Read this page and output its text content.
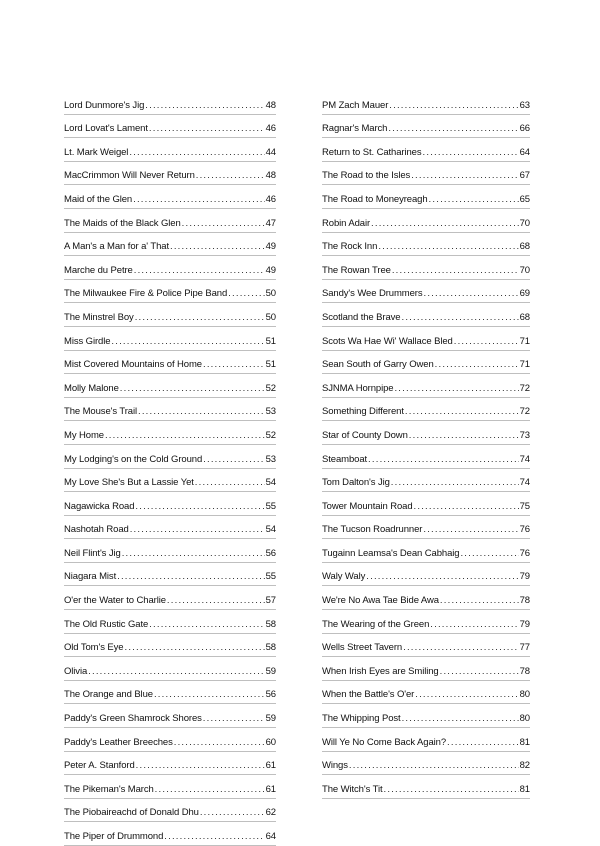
Lord Dunmore's Jig .....	48
Lord Lovat's Lament .....	46
Lt. Mark Weigel .....	44
MacCrimmon Will Never Return .....	48
Maid of the Glen .....	46
The Maids of the Black Glen .....	47
A Man's a Man for a' That .....	49
Marche du Petre .....	49
The Milwaukee Fire & Police Pipe Band .....	50
The Minstrel Boy .....	50
Miss Girdle .....	51
Mist Covered Mountains of Home .....	51
Molly Malone .....	52
The Mouse's Trail .....	53
My Home .....	52
My Lodging's on the Cold Ground .....	53
My Love She's But a Lassie Yet .....	54
Nagawicka Road .....	55
Nashotah Road .....	54
Neil Flint's Jig .....	56
Niagara Mist .....	55
O'er the Water to Charlie .....	57
The Old Rustic Gate .....	58
Old Tom's Eye .....	58
Olivia .....	59
The Orange and Blue .....	56
Paddy's Green Shamrock Shores .....	59
Paddy's Leather Breeches .....	60
Peter A. Stanford .....	61
The Pikeman's March .....	61
The Piobaireachd of Donald Dhu .....	62
The Piper of Drummond .....	64
PM Zach Mauer .....	63
Ragnar's March .....	66
Return to St. Catharines .....	64
The Road to the Isles .....	67
The Road to Moneyreagh .....	65
Robin Adair .....	70
The Rock Inn .....	68
The Rowan Tree .....	70
Sandy's Wee Drummers .....	69
Scotland the Brave .....	68
Scots Wa Hae Wi' Wallace Bled .....	71
Sean South of Garry Owen .....	71
SJNMA Hornpipe .....	72
Something Different .....	72
Star of County Down .....	73
Steamboat .....	74
Tom Dalton's Jig .....	74
Tower Mountain Road .....	75
The Tucson Roadrunner .....	76
Tugainn Leamsa's Dean Cabhaig .....	76
Waly Waly .....	79
We're No Awa Tae Bide Awa .....	78
The Wearing of the Green .....	79
Wells Street Tavern .....	77
When Irish Eyes are Smiling .....	78
When the Battle's O'er .....	80
The Whipping Post .....	80
Will Ye No Come Back Again? .....	81
Wings .....	82
The Witch's Tit .....	81
